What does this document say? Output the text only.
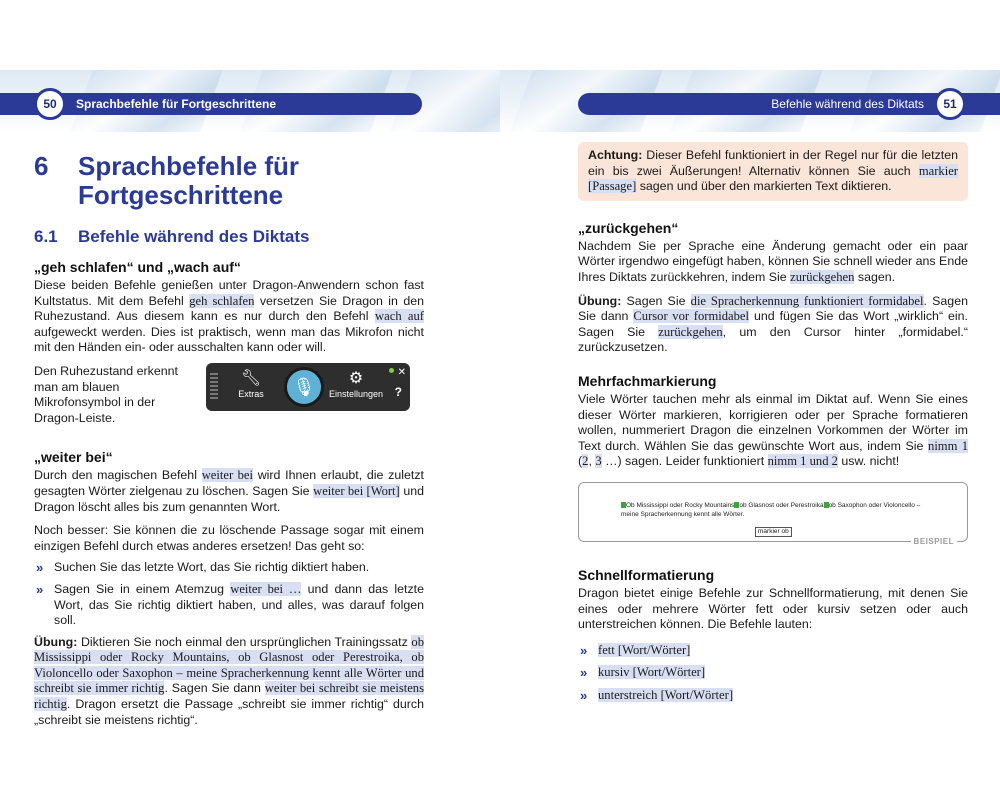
Sprachbefehle für Fortgeschrittene
50
6	Sprachbefehle für
Fortgeschrittene
6.1	Befehle während des Diktats
„geh schlafen“ und „wach auf“

Diese beiden Befehle genießen unter Dragon-Anwendern schon fast Kultstatus. Mit dem Befehl geh schlafen versetzen Sie Dragon in den Ruhezustand. Aus diesem kann es nur durch den Befehl wach auf aufgeweckt werden. Dies ist praktisch, wenn man das Mikrofon nicht mit den Händen ein- oder ausschalten kann oder will.

Den Ruhezustand erkennt man am blauen Mikrofonsymbol in der Dragon-Leiste.

🔧︎
Extras	🎙︎	⚙
Einstellungen
✕
?
„weiter bei“

Durch den magischen Befehl weiter bei wird Ihnen erlaubt, die zuletzt gesagten Wörter zielgenau zu löschen. Sagen Sie weiter bei [Wort] und Dragon löscht alles bis zum genannten Wort.

Noch besser: Sie können die zu löschende Passage sogar mit einem einzigen Befehl durch etwas anderes ersetzen! Das geht so:

» Suchen Sie das letzte Wort, das Sie richtig diktiert haben.
» Sagen Sie in einem Atemzug weiter bei … und dann das letzte Wort, das Sie richtig diktiert haben, und alles, was darauf folgen soll.

Übung: Diktieren Sie noch einmal den ursprünglichen Trainingssatz ob Mississippi oder Rocky Mountains, ob Glasnost oder Perestroika, ob Violoncello oder Saxophon – meine Spracherkennung kennt alle Wörter und schreibt sie immer richtig. Sagen Sie dann weiter bei schreibt sie meistens richtig. Dragon ersetzt die Passage „schreibt sie immer richtig“ durch „schreibt sie meistens richtig“.

Befehle während des Diktats	51

Achtung: Dieser Befehl funktioniert in der Regel nur für die letzten ein bis zwei Äußerungen! Alternativ können Sie auch markier [Passage] sagen und über den markierten Text diktieren.

„zurückgehen“

Nachdem Sie per Sprache eine Änderung gemacht oder ein paar Wörter irgendwo eingefügt haben, können Sie schnell wieder ans Ende Ihres Diktats zurückkehren, indem Sie zurückgehen sagen.

Übung: Sagen Sie die Spracherkennung funktioniert formidabel. Sagen Sie dann Cursor vor formidabel und fügen Sie das Wort „wirklich“ ein. Sagen Sie zurückgehen, um den Cursor hinter „formidabel.“ zurückzusetzen.

Mehrfachmarkierung

Viele Wörter tauchen mehr als einmal im Diktat auf. Wenn Sie eines dieser Wörter markieren, korrigieren oder per Sprache formatieren wollen, nummeriert Dragon die einzelnen Vorkommen der Wörter im Text durch. Wählen Sie das gewünschte Wort aus, indem Sie nimm 1 (2, 3 …) sagen. Leider funktioniert nimm 1 und 2 usw. nicht!

Ob Mississippi oder Rocky Mountains ob Glasnost oder Perestroika ob Saxophon oder Violoncello –
meine Spracherkennung kennt alle Wörter.
markier ob
BEISPIEL
Schnellformatierung

Dragon bietet einige Befehle zur Schnellformatierung, mit denen Sie eines oder mehrere Wörter fett oder kursiv setzen oder auch unterstreichen können. Die Befehle lauten:

» fett [Wort/Wörter]
» kursiv [Wort/Wörter]
» unterstreich [Wort/Wörter]
